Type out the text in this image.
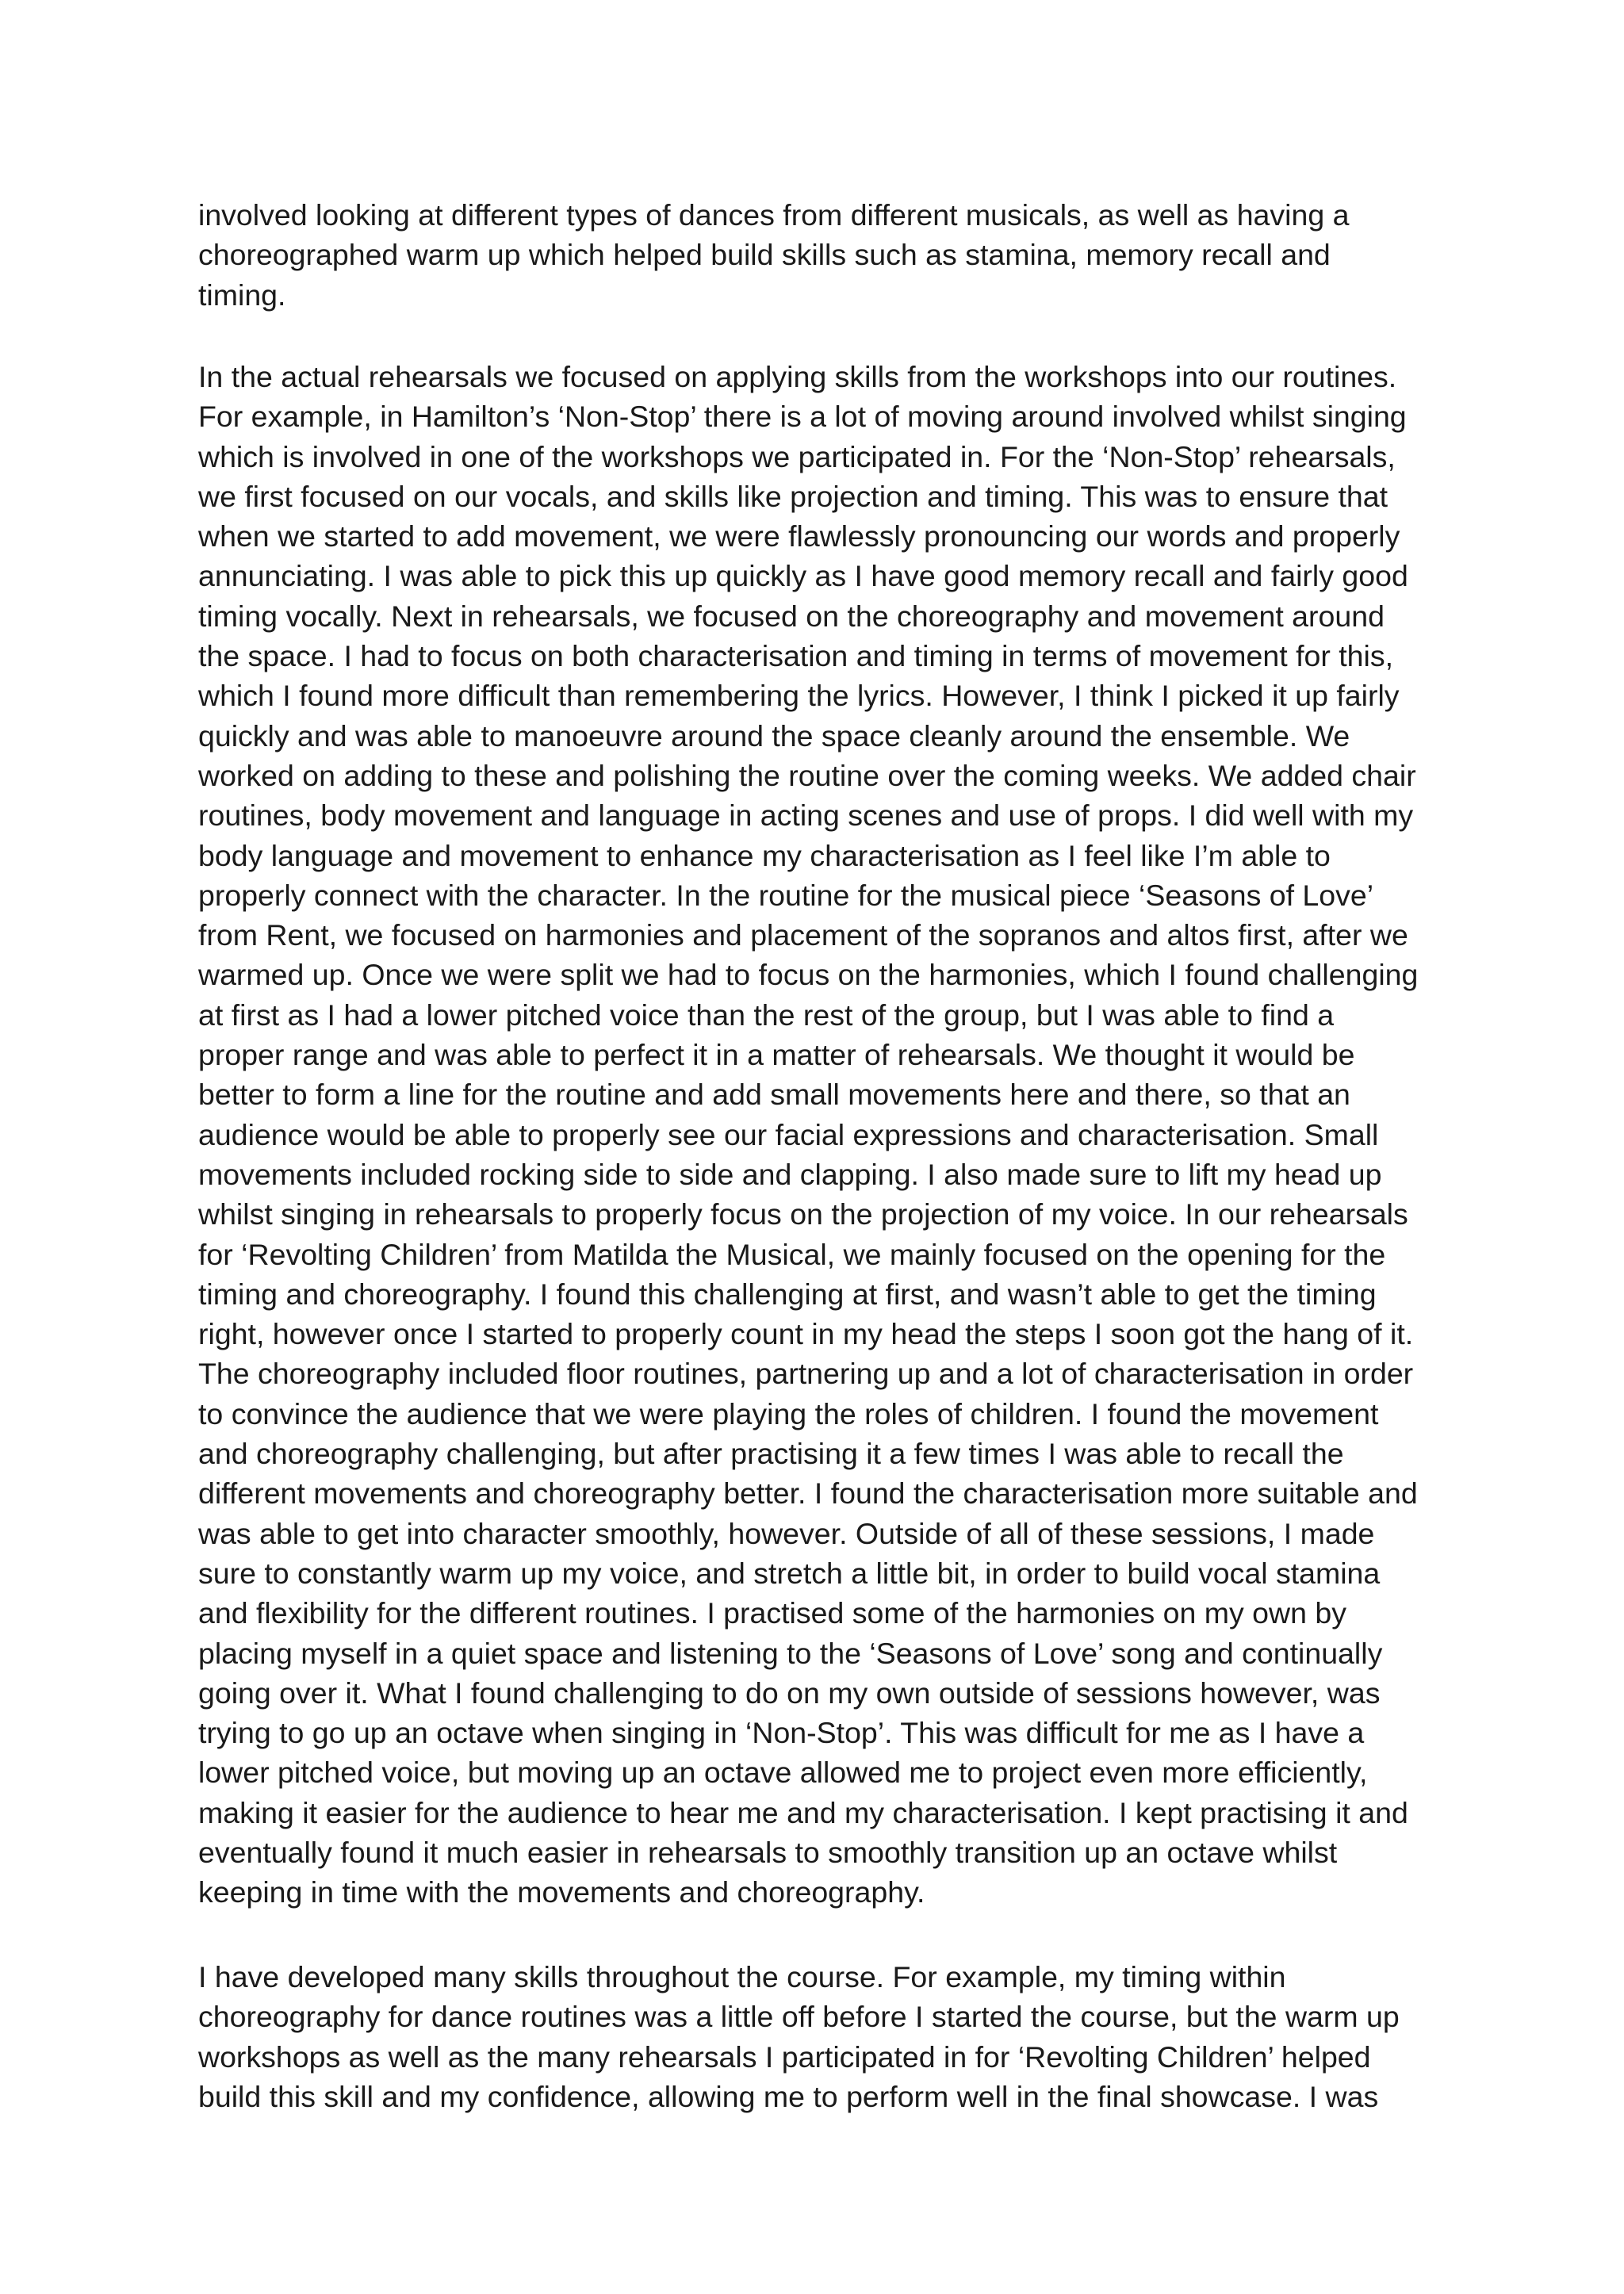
involved looking at different types of dances from different musicals, as well as having a
choreographed warm up which helped build skills such as stamina, memory recall and
timing.
In the actual rehearsals we focused on applying skills from the workshops into our routines.
For example, in Hamilton’s ‘Non-Stop’ there is a lot of moving around involved whilst singing
which is involved in one of the workshops we participated in. For the ‘Non-Stop’ rehearsals,
we first focused on our vocals, and skills like projection and timing. This was to ensure that
when we started to add movement, we were flawlessly pronouncing our words and properly
annunciating. I was able to pick this up quickly as I have good memory recall and fairly good
timing vocally. Next in rehearsals, we focused on the choreography and movement around
the space. I had to focus on both characterisation and timing in terms of movement for this,
which I found more difficult than remembering the lyrics. However, I think I picked it up fairly
quickly and was able to manoeuvre around the space cleanly around the ensemble. We
worked on adding to these and polishing the routine over the coming weeks. We added chair
routines, body movement and language in acting scenes and use of props. I did well with my
body language and movement to enhance my characterisation as I feel like I’m able to
properly connect with the character. In the routine for the musical piece ‘Seasons of Love’
from Rent, we focused on harmonies and placement of the sopranos and altos first, after we
warmed up. Once we were split we had to focus on the harmonies, which I found challenging
at first as I had a lower pitched voice than the rest of the group, but I was able to find a
proper range and was able to perfect it in a matter of rehearsals. We thought it would be
better to form a line for the routine and add small movements here and there, so that an
audience would be able to properly see our facial expressions and characterisation. Small
movements included rocking side to side and clapping. I also made sure to lift my head up
whilst singing in rehearsals to properly focus on the projection of my voice. In our rehearsals
for ‘Revolting Children’ from Matilda the Musical, we mainly focused on the opening for the
timing and choreography. I found this challenging at first, and wasn’t able to get the timing
right, however once I started to properly count in my head the steps I soon got the hang of it.
The choreography included floor routines, partnering up and a lot of characterisation in order
to convince the audience that we were playing the roles of children. I found the movement
and choreography challenging, but after practising it a few times I was able to recall the
different movements and choreography better. I found the characterisation more suitable and
was able to get into character smoothly, however. Outside of all of these sessions, I made
sure to constantly warm up my voice, and stretch a little bit, in order to build vocal stamina
and flexibility for the different routines. I practised some of the harmonies on my own by
placing myself in a quiet space and listening to the ‘Seasons of Love’ song and continually
going over it. What I found challenging to do on my own outside of sessions however, was
trying to go up an octave when singing in ‘Non-Stop’. This was difficult for me as I have a
lower pitched voice, but moving up an octave allowed me to project even more efficiently,
making it easier for the audience to hear me and my characterisation. I kept practising it and
eventually found it much easier in rehearsals to smoothly transition up an octave whilst
keeping in time with the movements and choreography.
I have developed many skills throughout the course. For example, my timing within
choreography for dance routines was a little off before I started the course, but the warm up
workshops as well as the many rehearsals I participated in for ‘Revolting Children’ helped
build this skill and my confidence, allowing me to perform well in the final showcase. I was
